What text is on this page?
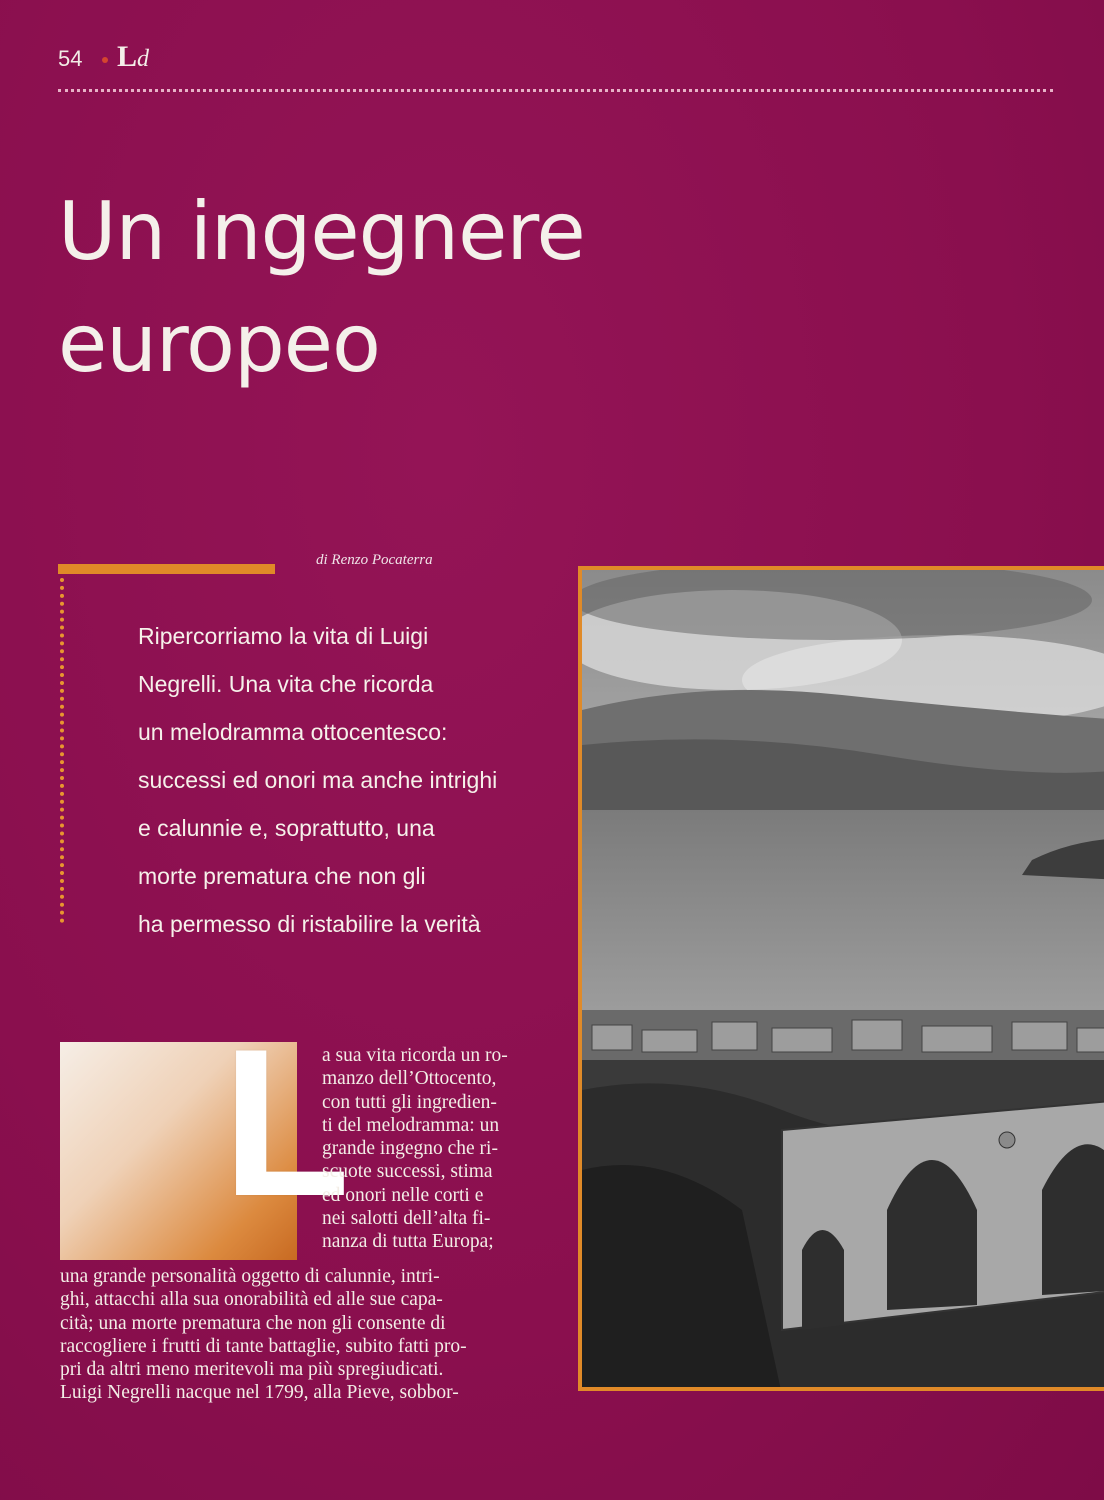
54 Ld
Un ingegnere
europeo
di Renzo Pocaterra

Ripercorriamo la vita di Luigi
Negrelli. Una vita che ricorda
un melodramma ottocentesco:
successi ed onori ma anche intrighi
e calunnie e, soprattutto, una
morte prematura che non gli
ha permesso di ristabilire la verità

L

a sua vita ricorda un ro-
manzo dell’Ottocento,
con tutti gli ingredien-
ti del melodramma: un
grande ingegno che ri-
scuote successi, stima
ed onori nelle corti e
nei salotti dell’alta fi-
nanza di tutta Europa;

una grande personalità oggetto di calunnie, intri-
ghi, attacchi alla sua onorabilità ed alle sue capa-
cità; una morte prematura che non gli consente di
raccogliere i frutti di tante battaglie, subito fatti pro-
pri da altri meno meritevoli ma più spregiudicati.
Luigi Negrelli nacque nel 1799, alla Pieve, sobbor-
